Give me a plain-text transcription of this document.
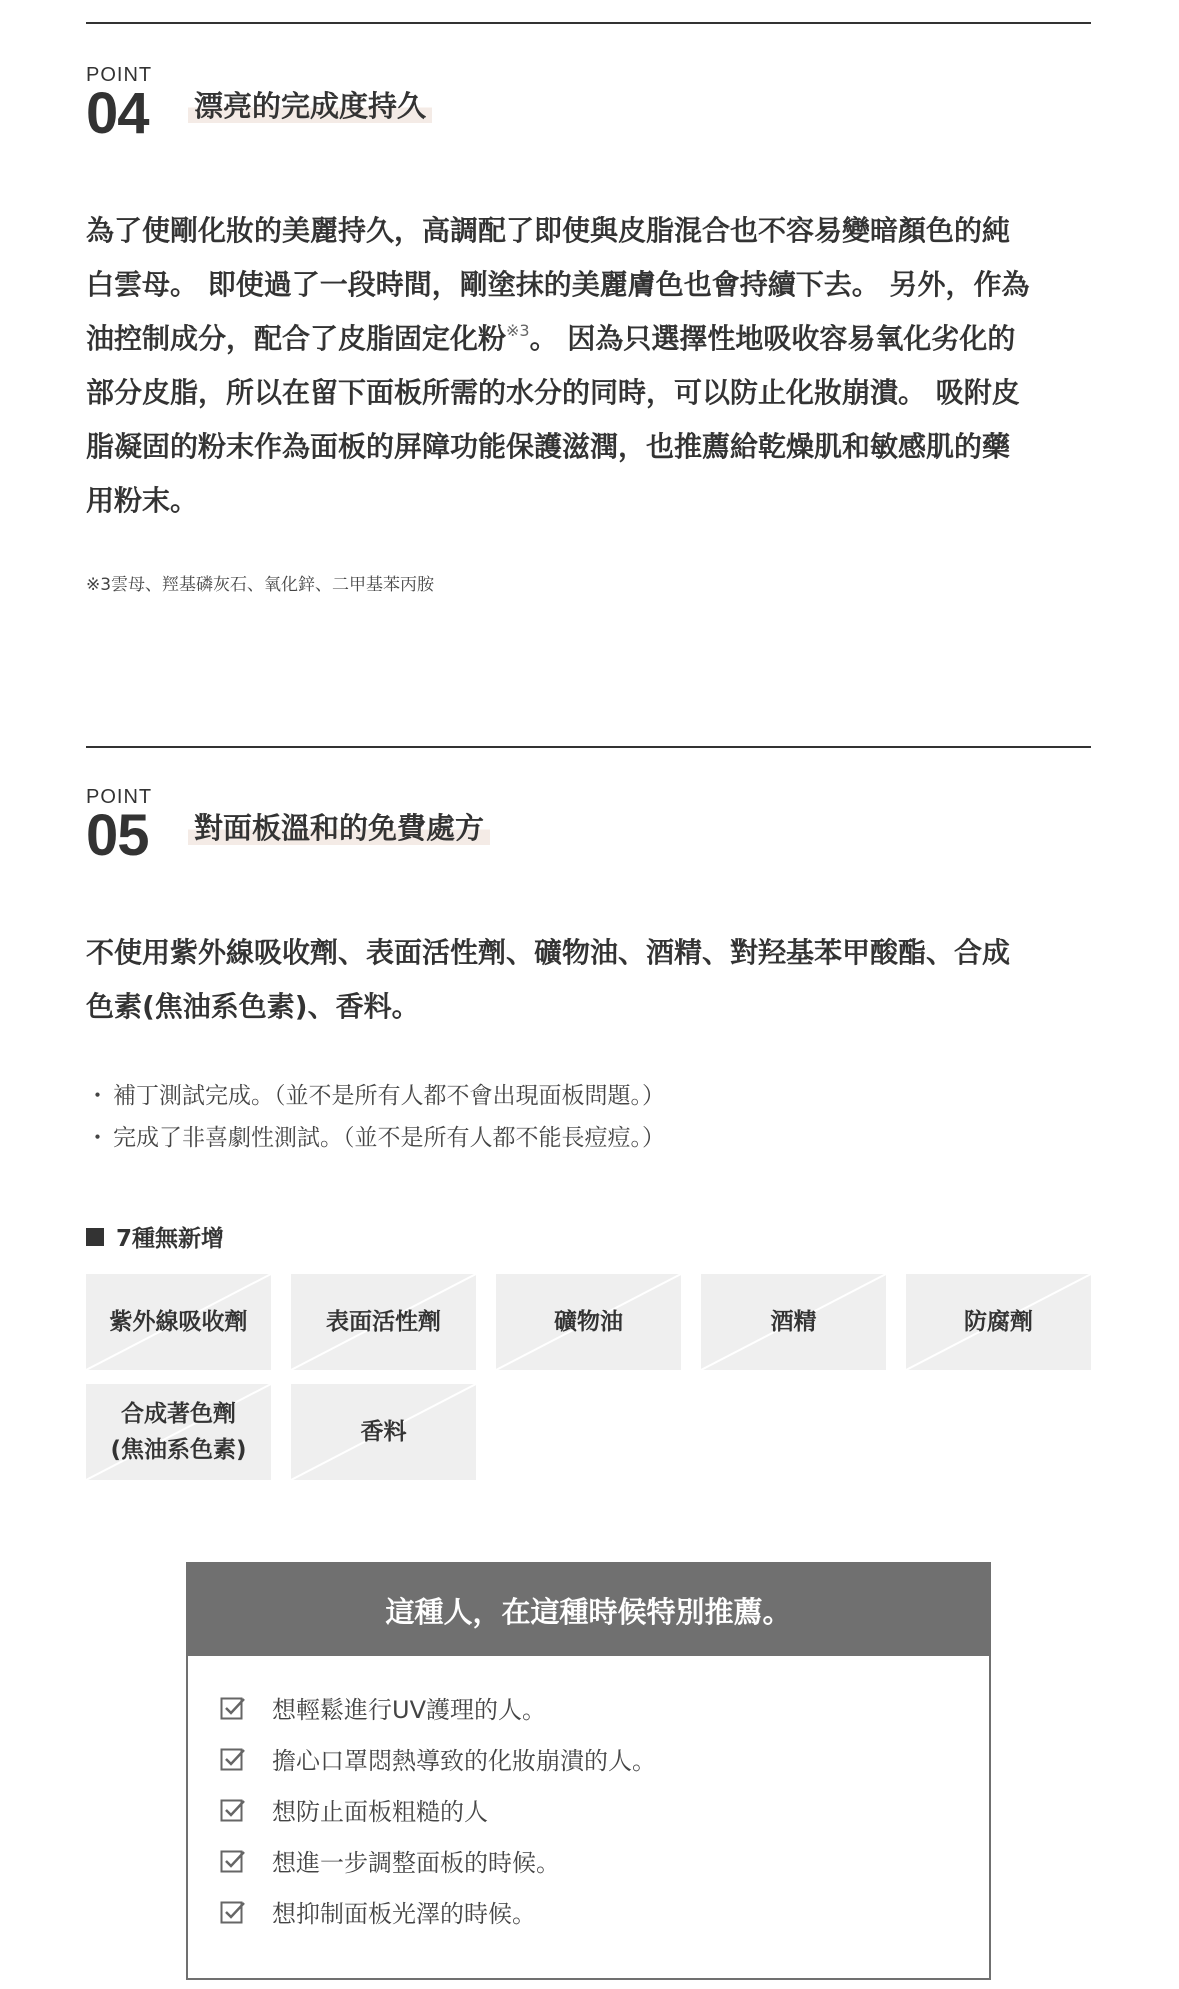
POINT
04 漂亮的完成度持久

為了使剛化妝的美麗持久，高調配了即使與皮脂混合也不容易變暗顏色的純

白雲母。 即使過了一段時間，剛塗抹的美麗膚色也會持續下去。 另外，作為

油控制成分，配合了皮脂固定化粉$^{※3}$。 因為只選擇性地吸收容易氧化劣化的

部分皮脂，所以在留下面板所需的水分的同時，可以防止化妝崩潰。 吸附皮

脂凝固的粉末作為面板的屏障功能保護滋潤，也推薦給乾燥肌和敏感肌的藥

用粉末。

※3雲母、羥基磷灰石、氧化鋅、二甲基苯丙胺
POINT
05 對面板溫和的免費處方

不使用紫外線吸收劑、表面活性劑、礦物油、酒精、對羟基苯甲酸酯、合成

色素(焦油系色素)、香料。

・ 補丁測試完成。（並不是所有人都不會出現面板問題。）
・ 完成了非喜劇性測試。（並不是所有人都不能長痘痘。）
7種無新增
紫外線吸收劑	表面活性劑	礦物油	酒精	防腐劑
合成著色劑
(焦油系色素)
香料
這種人，在這種時候特別推薦。
想輕鬆進行UV護理的人。
擔心口罩悶熱導致的化妝崩潰的人。
想防止面板粗糙的人
想進一步調整面板的時候。
想抑制面板光澤的時候。
